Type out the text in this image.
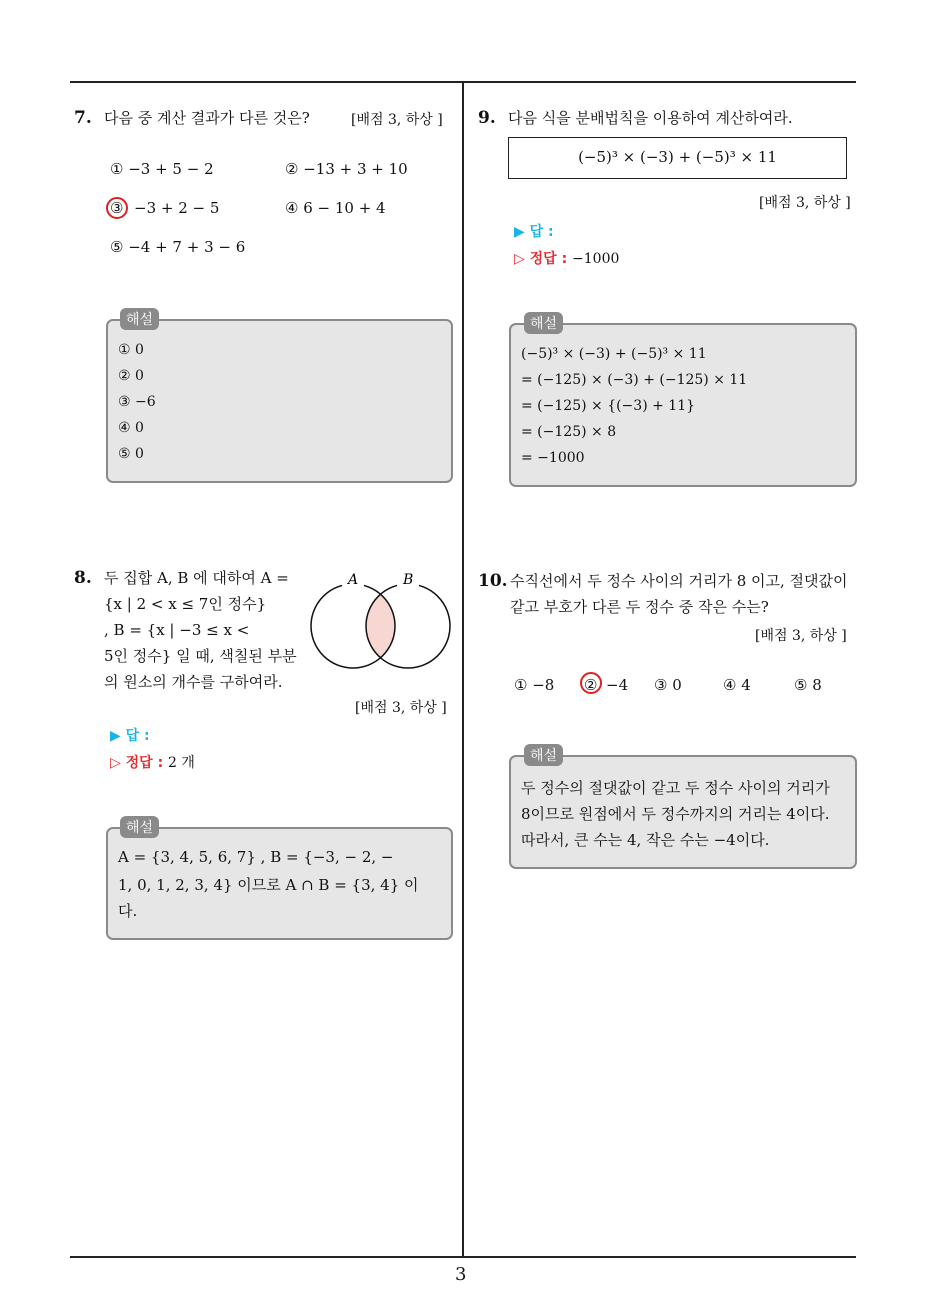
3
7. 다음 중 계산 결과가 다른 것은?	[배점 3, 하상 ]
① −3 + 5 − 2	② −13 + 3 + 10
③ −3 + 2 − 5	④ 6 − 10 + 4
⑤ −4 + 7 + 3 − 6
해설
① 0
② 0
③ −6
④ 0
⑤ 0
8. 두 집합 A, B 에 대하여 A =
{x | 2 < x ≤ 7인 정수}
, B = {x | −3 ≤ x <
5인 정수} 일 때, 색칠된 부분
의 원소의 개수를 구하여라.
A	B
[배점 3, 하상 ]
▶ 답 :
▷ 정답 : 2 개
해설
A = {3, 4, 5, 6, 7} , B = {−3, − 2, −
1, 0, 1, 2, 3, 4} 이므로 A ∩ B = {3, 4} 이
다.
9. 다음 식을 분배법칙을 이용하여 계산하여라.
(−5)³ × (−3) + (−5)³ × 11
[배점 3, 하상 ]
▶ 답 :
▷ 정답 : −1000
해설
(−5)³ × (−3) + (−5)³ × 11
= (−125) × (−3) + (−125) × 11
= (−125) × {(−3) + 11}
= (−125) × 8
= −1000
10. 수직선에서 두 정수 사이의 거리가 8 이고, 절댓값이
같고 부호가 다른 두 정수 중 작은 수는?
[배점 3, 하상 ]
① −8 ② −4 ③ 0	④ 4	⑤ 8
해설
두 정수의 절댓값이 같고 두 정수 사이의 거리가
8이므로 원점에서 두 정수까지의 거리는 4이다.
따라서, 큰 수는 4, 작은 수는 −4이다.
